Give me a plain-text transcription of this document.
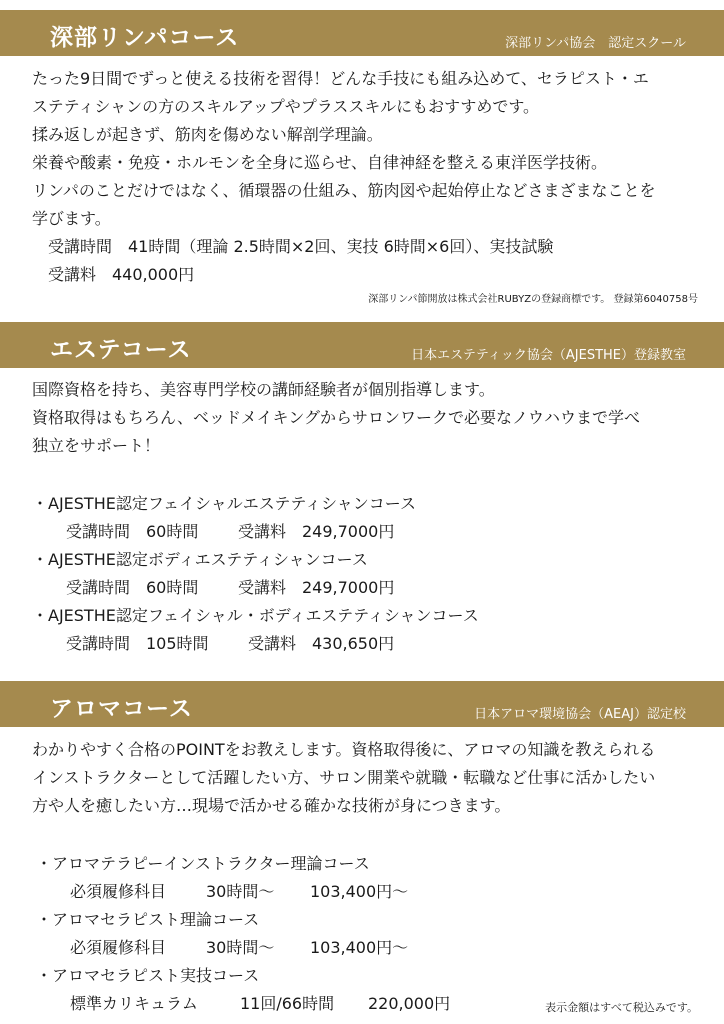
深部リンパコース	深部リンパ協会　認定スクール
たった9日間でずっと使える技術を習得！どんな手技にも組み込めて、セラピスト・エ
ステティシャンの方のスキルアップやプラススキルにもおすすめです。
揉み返しが起きず、筋肉を傷めない解剖学理論。
栄養や酸素・免疫・ホルモンを全身に巡らせ、自律神経を整える東洋医学技術。
リンパのことだけではなく、循環器の仕組み、筋肉図や起始停止などさまざまなことを
学びます。
受講時間　41時間（理論 2.5時間×2回、実技 6時間×6回）、実技試験
受講料　440,000円
深部リンパ節開放は株式会社RUBYZの登録商標です。 登録第6040758号
エステコース	日本エステティック協会（AJESTHE）登録教室
国際資格を持ち、美容専門学校の講師経験者が個別指導します。
資格取得はもちろん、ベッドメイキングからサロンワークで必要なノウハウまで学べ
独立をサポート！
・AJESTHE認定フェイシャルエステティシャンコース
受講時間　60時間 受講料　249,7000円
・AJESTHE認定ボディエステティシャンコース
受講時間　60時間 受講料　249,7000円
・AJESTHE認定フェイシャル・ボディエステティシャンコース
受講時間　105時間 受講料　430,650円
アロマコース	日本アロマ環境協会（AEAJ）認定校
わかりやすく合格のPOINTをお教えします。資格取得後に、アロマの知識を教えられる
インストラクターとして活躍したい方、サロン開業や就職・転職など仕事に活かしたい
方や人を癒したい方…現場で活かせる確かな技術が身につきます。
・アロマテラピーインストラクター理論コース
必須履修科目 30時間〜 103,400円〜
・アロマセラピスト理論コース
必須履修科目 30時間〜 103,400円〜
・アロマセラピスト実技コース
標準カリキュラム	11回/66時間 220,000円	表示金額はすべて税込みです。
